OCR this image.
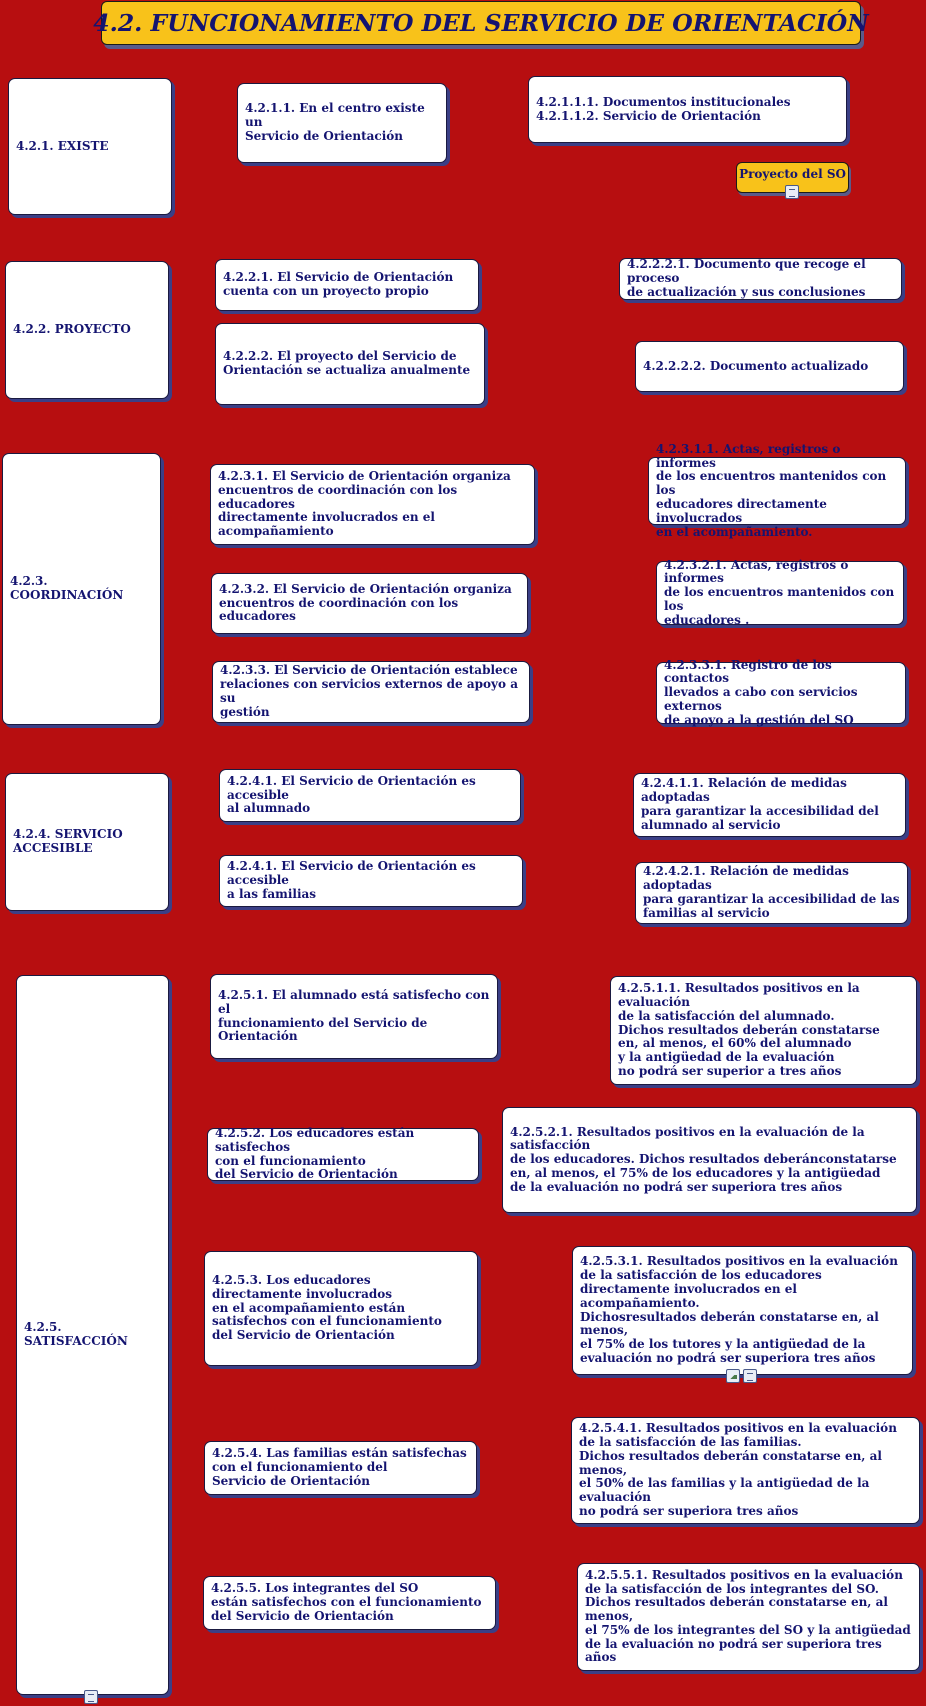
4.2. FUNCIONAMIENTO DEL SERVICIO DE ORIENTACIÓN
4.2.1. EXISTE
4.2.1.1. En el centro existe un
Servicio de Orientación
4.2.1.1.1. Documentos institucionales
4.2.1.1.2. Servicio de Orientación
Proyecto del SO
4.2.2. PROYECTO
4.2.2.1. El Servicio de Orientación
cuenta con un proyecto propio
4.2.2.2. El proyecto del Servicio de
Orientación se actualiza anualmente
4.2.2.2.1. Documento que recoge el proceso
de actualización y sus conclusiones
4.2.2.2.2. Documento actualizado
4.2.3. COORDINACIÓN
4.2.3.1. El Servicio de Orientación organiza
encuentros de coordinación con los educadores
directamente involucrados en el acompañamiento
4.2.3.2. El Servicio de Orientación organiza
encuentros de coordinación con los educadores
4.2.3.3. El Servicio de Orientación establece
relaciones con servicios externos de apoyo a su
gestión
4.2.3.1.1. Actas, registros o informes
de los encuentros mantenidos con los
educadores directamente involucrados
en el acompañamiento.
4.2.3.2.1. Actas, registros o informes
de los encuentros mantenidos con los
educadores .
4.2.3.3.1. Registro de los contactos
llevados a cabo con servicios externos
de apoyo a la gestión del SO
4.2.4. SERVICIO
ACCESIBLE
4.2.4.1. El Servicio de Orientación es accesible
al alumnado
4.2.4.1. El Servicio de Orientación es accesible
a las familias
4.2.4.1.1. Relación de medidas adoptadas
para garantizar la accesibilidad del
alumnado al servicio
4.2.4.2.1. Relación de medidas adoptadas
para garantizar la accesibilidad de las
familias al servicio
4.2.5. SATISFACCIÓN
4.2.5.1. El alumnado está satisfecho con el
funcionamiento del Servicio de Orientación
4.2.5.2. Los educadores están satisfechos
con el funcionamiento
del Servicio de Orientación
4.2.5.3. Los educadores
directamente involucrados
en el acompañamiento están
satisfechos con el funcionamiento
del Servicio de Orientación
4.2.5.4. Las familias están satisfechas
con el funcionamiento del
Servicio de Orientación
4.2.5.5. Los integrantes del SO
están satisfechos con el funcionamiento
del Servicio de Orientación
4.2.5.1.1. Resultados positivos en la evaluación
de la satisfacción del alumnado.
Dichos resultados deberán constatarse
en, al menos, el 60% del alumnado
y la antigüedad de la evaluación
no podrá ser superior a tres años
4.2.5.2.1. Resultados positivos en la evaluación de la satisfacción
de los educadores. Dichos resultados deberánconstatarse
en, al menos, el 75% de los educadores y la antigüedad
de la evaluación no podrá ser superiora tres años
4.2.5.3.1. Resultados positivos en la evaluación
de la satisfacción de los educadores
directamente involucrados en el acompañamiento.
Dichosresultados deberán constatarse en, al menos,
el 75% de los tutores y la antigüedad de la
evaluación no podrá ser superiora tres años
4.2.5.4.1. Resultados positivos en la evaluación
de la satisfacción de las familias.
Dichos resultados deberán constatarse en, al menos,
el 50% de las familias y la antigüedad de la evaluación
no podrá ser superiora tres años
4.2.5.5.1. Resultados positivos en la evaluación
de la satisfacción de los integrantes del SO.
Dichos resultados deberán constatarse en, al menos,
el 75% de los integrantes del SO y la antigüedad
de la evaluación no podrá ser superiora tres años
